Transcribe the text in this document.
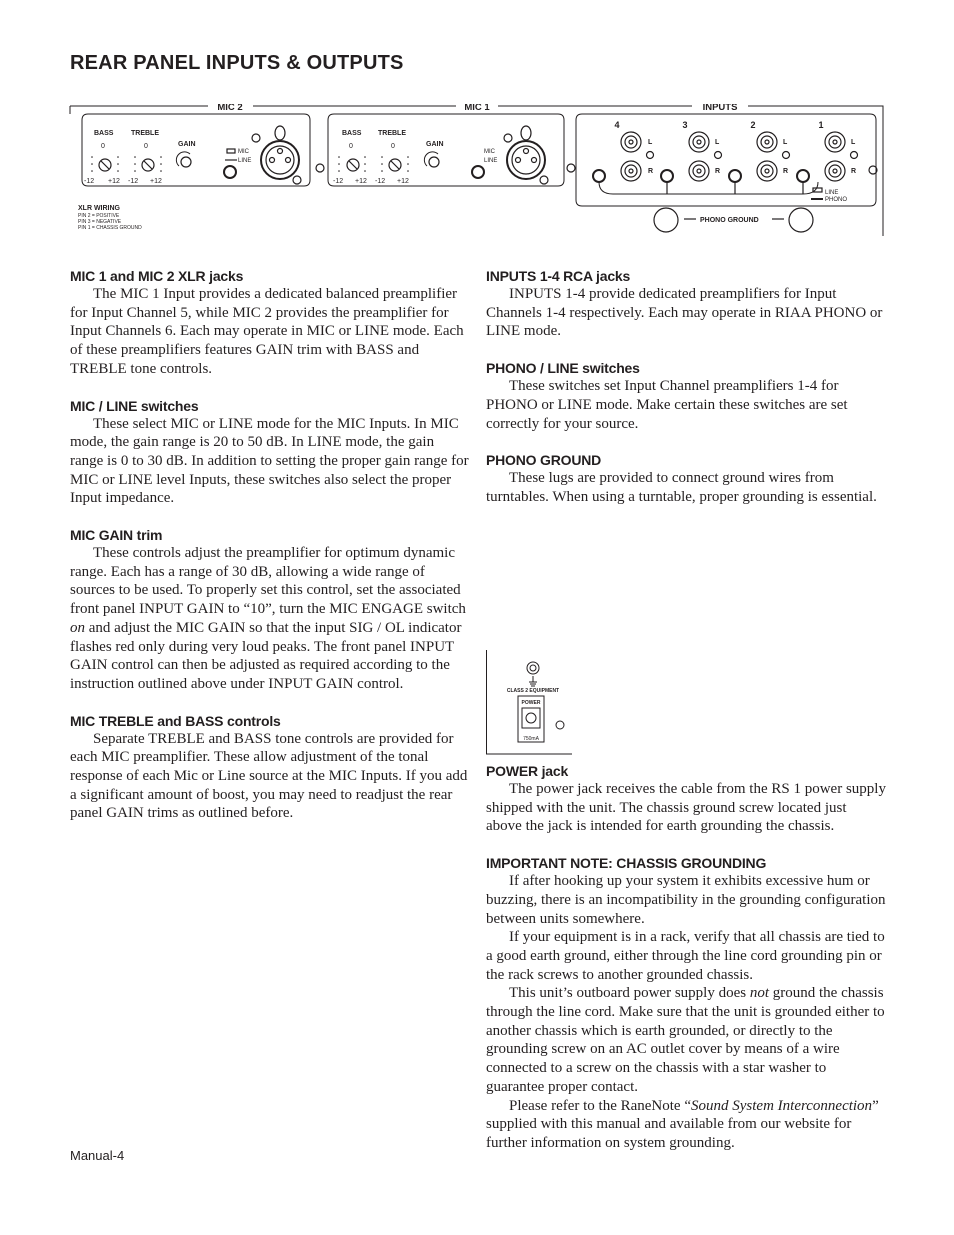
REAR PANEL INPUTS & OUTPUTS
MIC 2	MIC 1	INPUTS
BASS	TREBLE
GAIN
0	0
-12 +12 -12 +12
MIC
LINE
XLR WIRING
PIN 2 = POSITIVE
PIN 3 = NEGATIVE
PIN 1 = CHASSIS GROUND
BASS TREBLE
GAIN
0	0
-12 +12 -12 +12
MIC
LINE
4	3	2	1
L
R
L
R
L
R
L
R
LINE
PHONO
PHONO GROUND
CLASS 2 EQUIPMENT
POWER
750mA
MIC 1 and MIC 2 XLR jacks

The MIC 1 Input provides a dedicated balanced preamplifier for Input Channel 5, while MIC 2 provides the preamplifier for Input Channels 6. Each may operate in MIC or LINE mode. Each of these preamplifiers features GAIN trim with BASS and TREBLE tone controls.

MIC / LINE switches

These select MIC or LINE mode for the MIC Inputs. In MIC mode, the gain range is 20 to 50 dB. In LINE mode, the gain range is 0 to 30 dB. In addition to setting the proper gain range for MIC or LINE level Inputs, these switches also select the proper Input impedance.

MIC GAIN trim

These controls adjust the preamplifier for optimum dynamic range. Each has a range of 30 dB, allowing a wide range of sources to be used. To properly set this control, set the associated front panel INPUT GAIN to “10”, turn the MIC ENGAGE switch on and adjust the MIC GAIN so that the input SIG / OL indicator flashes red only during very loud peaks. The front panel INPUT GAIN control can then be adjusted as required according to the instruction outlined above under INPUT GAIN control.

MIC TREBLE and BASS controls

Separate TREBLE and BASS tone controls are provided for each MIC preamplifier. These allow adjustment of the tonal response of each Mic or Line source at the MIC Inputs. If you add a significant amount of boost, you may need to readjust the rear panel GAIN trims as outlined before.

INPUTS 1-4 RCA jacks

INPUTS 1-4 provide dedicated preamplifiers for Input Channels 1-4 respectively. Each may operate in RIAA PHONO or LINE mode.

PHONO / LINE switches

These switches set Input Channel preamplifiers 1-4 for PHONO or LINE mode. Make certain these switches are set correctly for your source.

PHONO GROUND

These lugs are provided to connect ground wires from turntables. When using a turntable, proper grounding is essential.

POWER jack

The power jack receives the cable from the RS 1 power supply shipped with the unit. The chassis ground screw located just above the jack is intended for earth grounding the chassis.

IMPORTANT NOTE: CHASSIS GROUNDING

If after hooking up your system it exhibits excessive hum or buzzing, there is an incompatibility in the grounding configuration between units somewhere.

If your equipment is in a rack, verify that all chassis are tied to a good earth ground, either through the line cord grounding pin or the rack screws to another grounded chassis.

This unit’s outboard power supply does not ground the chassis through the line cord. Make sure that the unit is grounded either to another chassis which is earth grounded, or directly to the grounding screw on an AC outlet cover by means of a wire connected to a screw on the chassis with a star washer to guarantee proper contact.

Please refer to the RaneNote “Sound System Interconnection” supplied with this manual and available from our website for further information on system grounding.

Manual-4
